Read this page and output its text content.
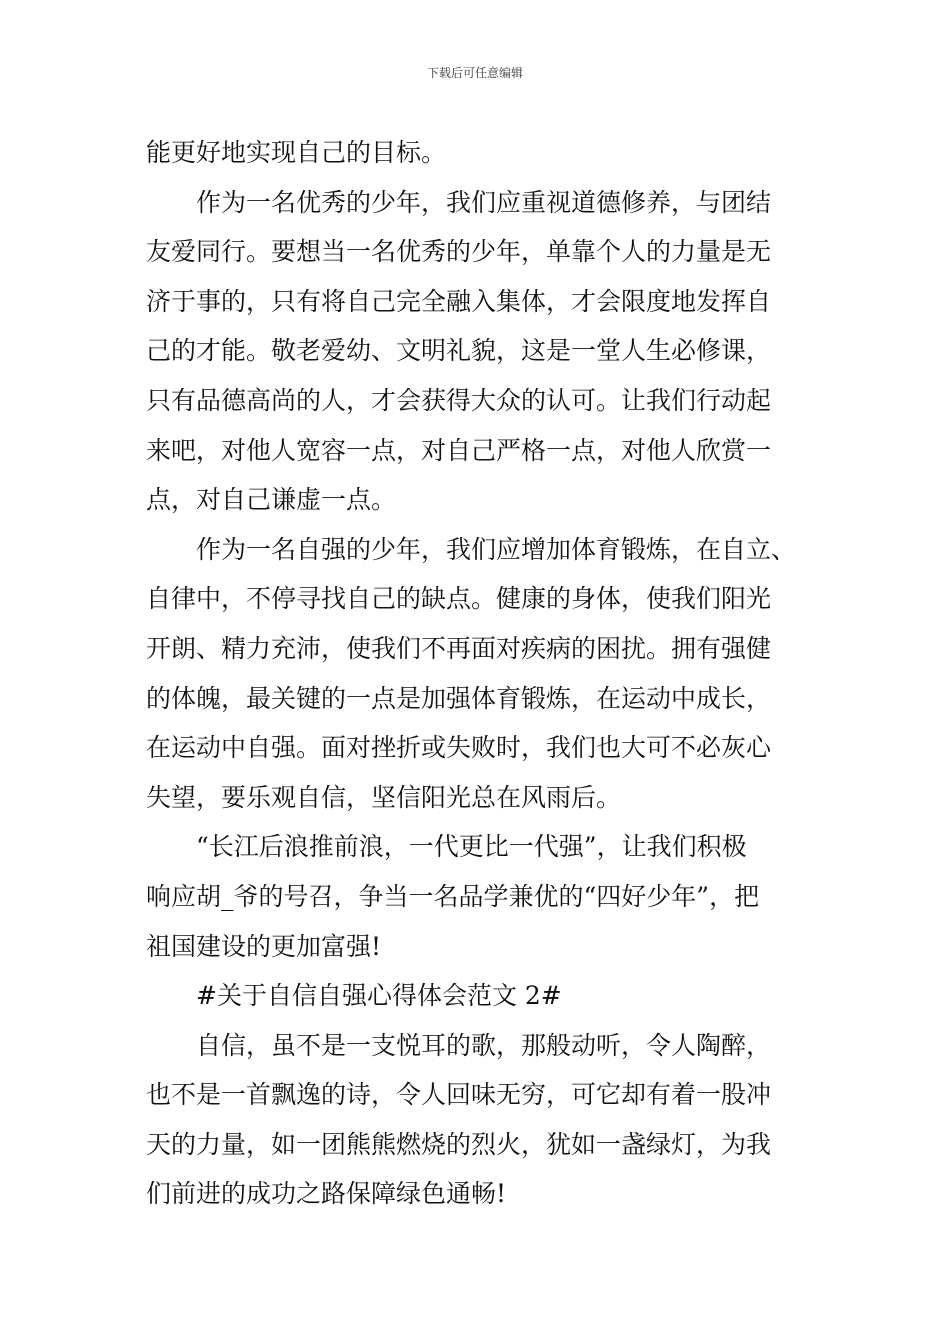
下载后可任意编辑
能更好地实现自己的目标。
作为一名优秀的少年，我们应重视道德修养，与团结
友爱同行。要想当一名优秀的少年，单靠个人的力量是无
济于事的，只有将自己完全融入集体，才会限度地发挥自
己的才能。敬老爱幼、文明礼貌，这是一堂人生必修课，
只有品德高尚的人，才会获得大众的认可。让我们行动起
来吧，对他人宽容一点，对自己严格一点，对他人欣赏一
点，对自己谦虚一点。
作为一名自强的少年，我们应增加体育锻炼，在自立、
自律中，不停寻找自己的缺点。健康的身体，使我们阳光
开朗、精力充沛，使我们不再面对疾病的困扰。拥有强健
的体魄，最关键的一点是加强体育锻炼，在运动中成长，
在运动中自强。面对挫折或失败时，我们也大可不必灰心
失望，要乐观自信，坚信阳光总在风雨后。
“长江后浪推前浪，一代更比一代强”，让我们积极
响应胡_爷的号召，争当一名品学兼优的“四好少年”，把
祖国建设的更加富强!
#关于自信自强心得体会范文 2#
自信，虽不是一支悦耳的歌，那般动听，令人陶醉，
也不是一首飘逸的诗，令人回味无穷，可它却有着一股冲
天的力量，如一团熊熊燃烧的烈火，犹如一盏绿灯，为我
们前进的成功之路保障绿色通畅!
